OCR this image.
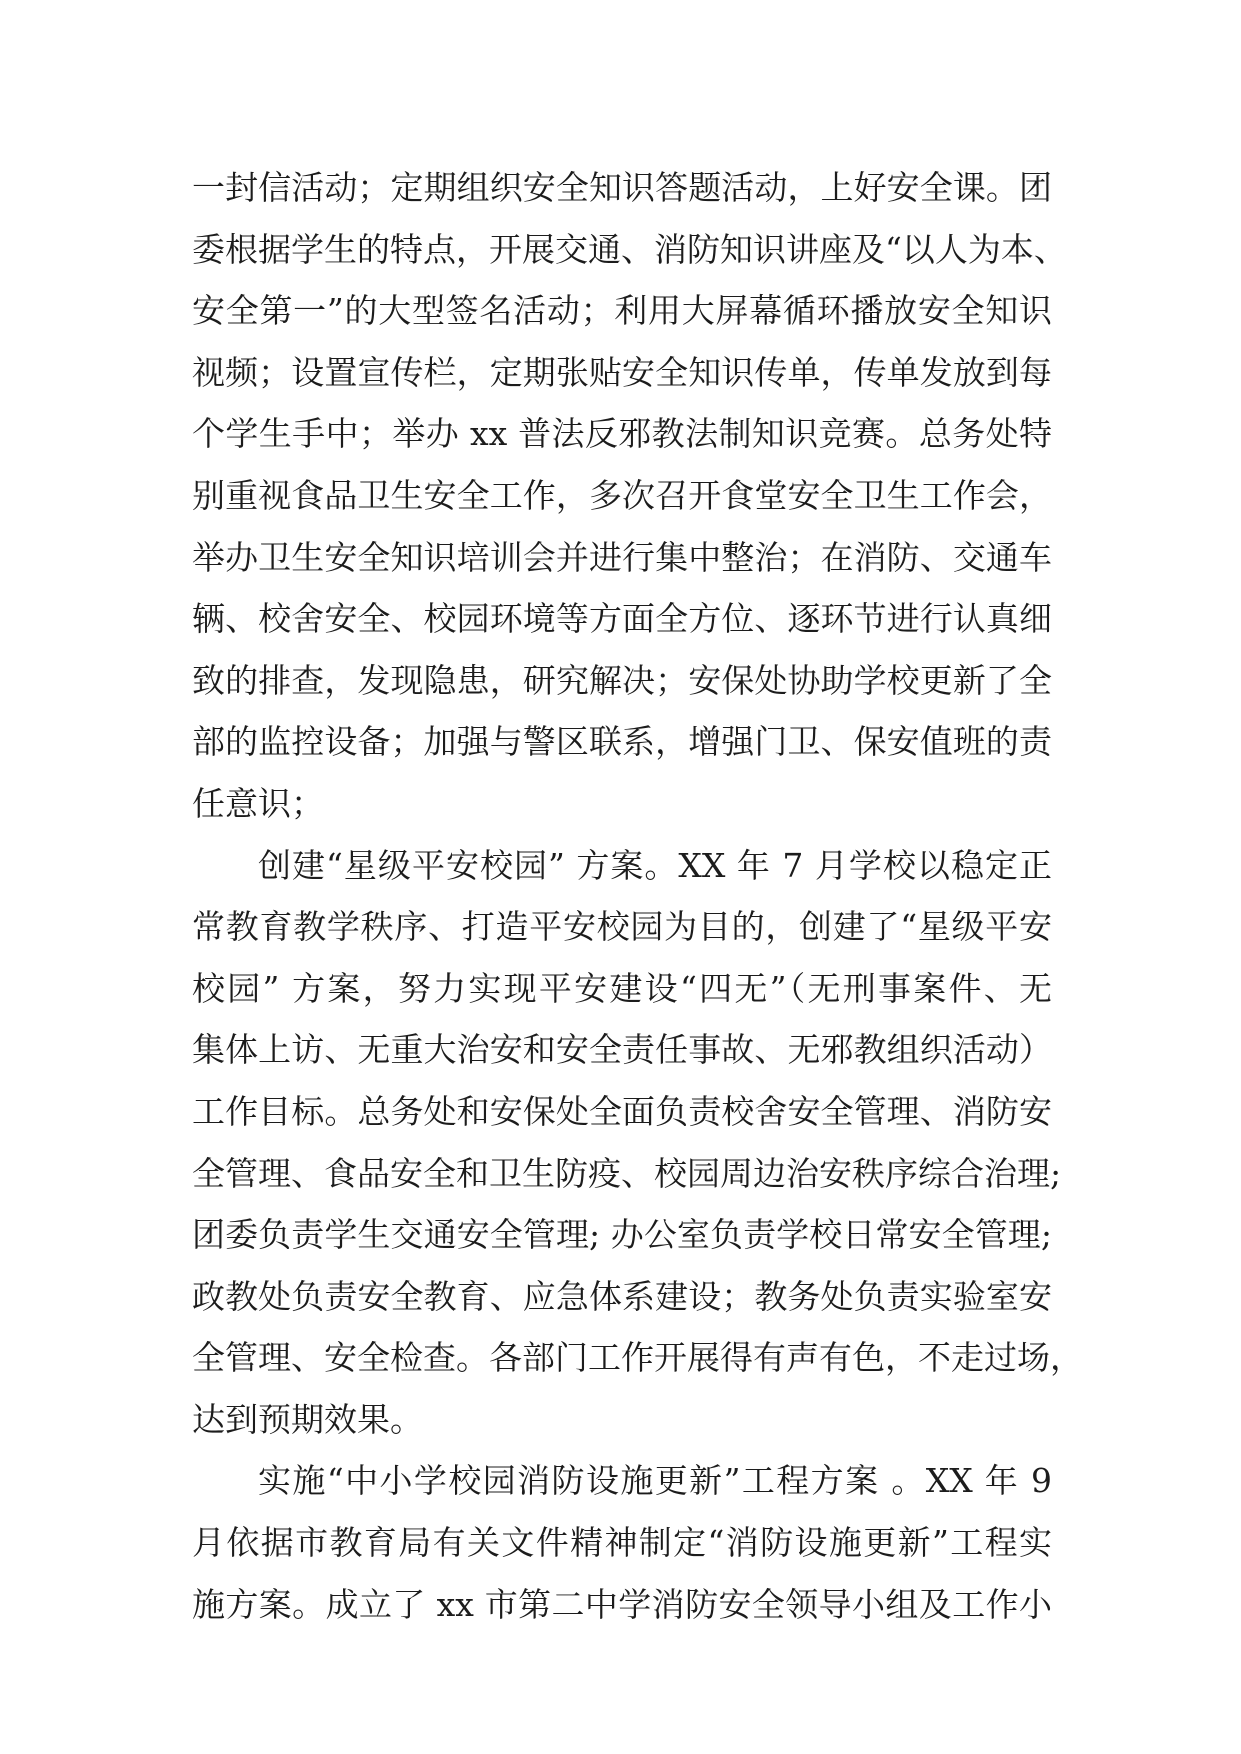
一封信活动；定期组织安全知识答题活动，上好安全课。团
委根据学生的特点，开展交通、消防知识讲座及“以人为本、
安全第一”的大型签名活动；利用大屏幕循环播放安全知识
视频；设置宣传栏，定期张贴安全知识传单，传单发放到每
个学生手中；举办 xx 普法反邪教法制知识竞赛。总务处特
别重视食品卫生安全工作，多次召开食堂安全卫生工作会，
举办卫生安全知识培训会并进行集中整治；在消防、交通车
辆、校舍安全、校园环境等方面全方位、逐环节进行认真细
致的排查，发现隐患，研究解决；安保处协助学校更新了全
部的监控设备；加强与警区联系，增强门卫、保安值班的责
任意识；
创建“星级平安校园” 方案。XX 年 7 月学校以稳定正
常教育教学秩序、打造平安校园为目的，创建了“星级平安
校园” 方案，努力实现平安建设“四无”（无刑事案件、无
集体上访、无重大治安和安全责任事故、无邪教组织活动）
工作目标。总务处和安保处全面负责校舍安全管理、消防安
全管理、食品安全和卫生防疫、校园周边治安秩序综合治理;
团委负责学生交通安全管理; 办公室负责学校日常安全管理;
政教处负责安全教育、应急体系建设；教务处负责实验室安
全管理、安全检查。各部门工作开展得有声有色，不走过场，
达到预期效果。
实施“中小学校园消防设施更新”工程方案 。XX 年 9
月依据市教育局有关文件精神制定“消防设施更新”工程实
施方案。成立了 xx 市第二中学消防安全领导小组及工作小
